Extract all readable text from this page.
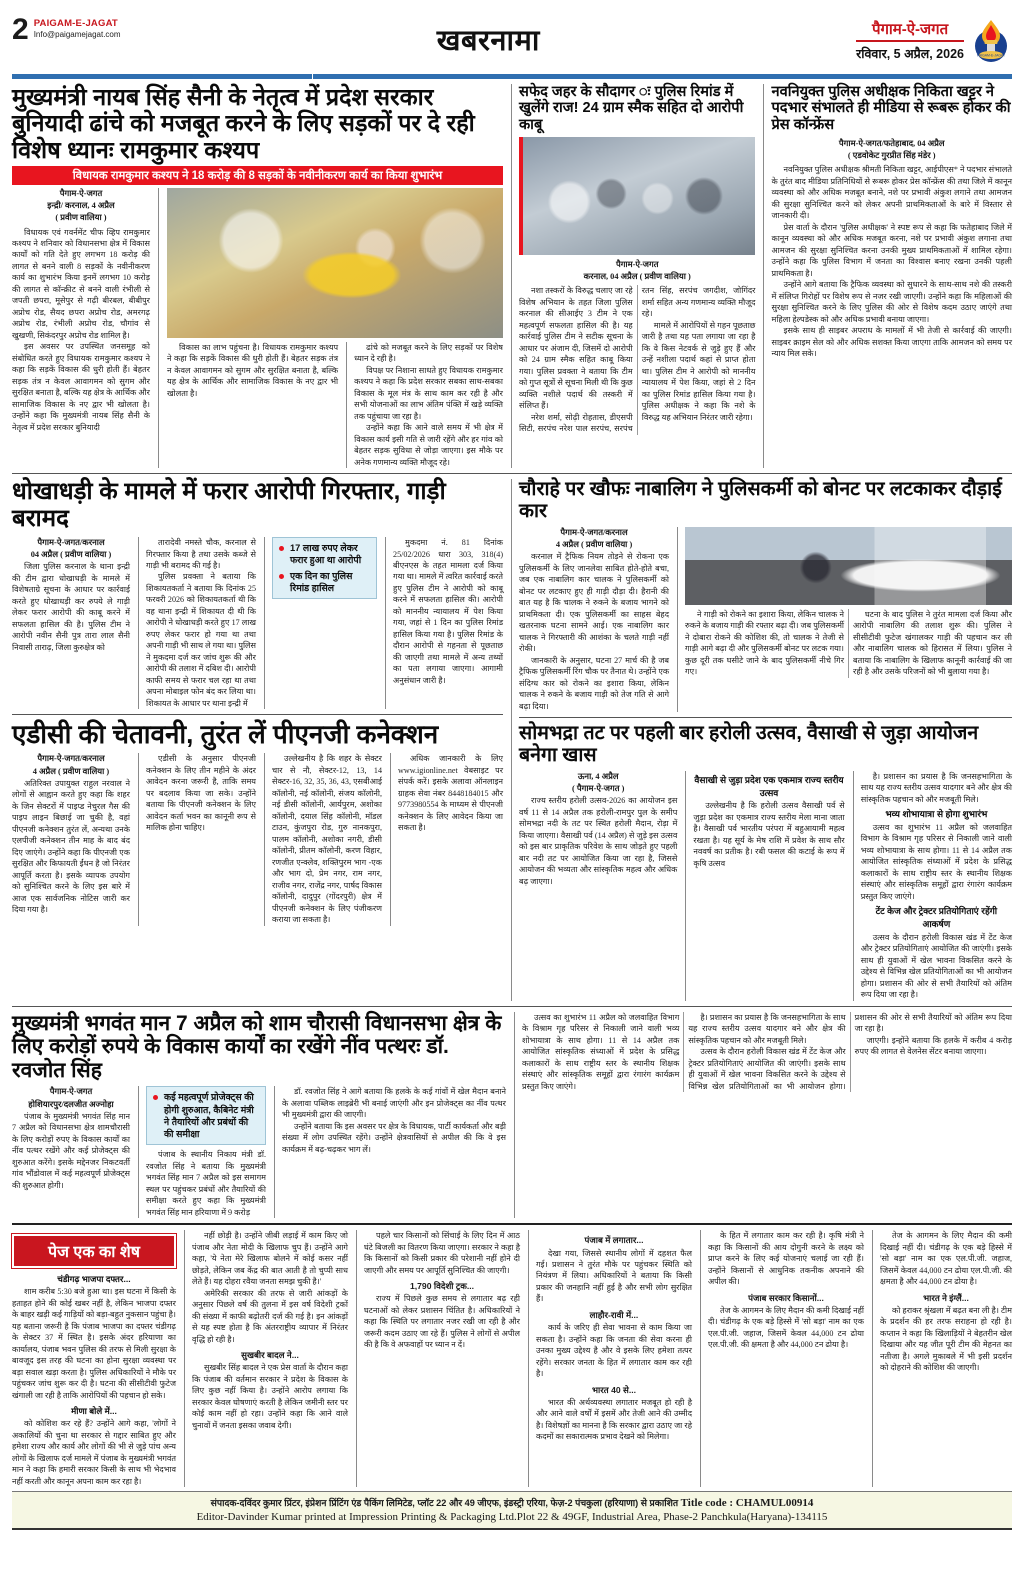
2 PAIGAM-E-JAGAT
Info@paigamejagat.com	खबरनामा	पैगाम-ऐ-जगत
रविवार, 5 अप्रैल, 2026	PAIGAM-E-JAGAT
मुख्यमंत्री नायब सिंह सैनी के नेतृत्व में प्रदेश सरकार बुनियादी ढांचे को मजबूत करने के लिए सड़कों पर दे रही विशेष ध्यानः रामकुमार कश्यप
विधायक रामकुमार कश्यप ने 18 करोड़ की 8 सड़कों के नवीनीकरण कार्य का किया शुभारंभ
पैगाम-ऐ-जगत
इन्द्री/ करनाल, 4 अप्रैल
( प्रवीण वालिया )

विधायक एवं गवर्नमेंट चीफ व्हिप रामकुमार कश्यप ने शनिवार को विधानसभा क्षेत्र में विकास कार्यों को गति देते हुए लगभग 18 करोड़ की लागत से बनने वाली 8 सड़कों के नवीनीकरण कार्य का शुभारंभ किया इनमें लगभग 10 करोड़ की लागत से कॉन्क्रीट से बनने वाली रंभीली से जपती छपरा, मूसेपुर से गढ़ी बीरबल, बीबीपुर अप्रोच रोड, सैयद छपरा अप्रोच रोड, अमरगढ़ अप्रोच रोड, रंभीली अप्रोच रोड, चौगांव से खुखणी, सिकंदरपुर अप्रोच रोड शामिल है।

इस अवसर पर उपस्थित जनसमूह को संबोधित करते हुए विधायक रामकुमार कश्यप ने कहा कि सड़कें विकास की धुरी होती हैं। बेहतर सड़क तंत्र न केवल आवागमन को सुगम और सुरक्षित बनाता है, बल्कि यह क्षेत्र के आर्थिक और सामाजिक विकास के नए द्वार भी खोलता है। उन्होंने कहा कि मुख्यमंत्री नायब सिंह सैनी के नेतृत्व में प्रदेश सरकार बुनियादी

विकास का लाभ पहुंचना है। विधायक रामकुमार कश्यप ने कहा कि सड़कें विकास की धुरी होती हैं। बेहतर सड़क तंत्र न केवल आवागमन को सुगम और सुरक्षित बनाता है, बल्कि यह क्षेत्र के आर्थिक और सामाजिक विकास के नए द्वार भी खोलता है।

ढांचे को मजबूत करने के लिए सड़कों पर विशेष ध्यान दे रही है।

विपक्ष पर निशाना साधते हुए विधायक रामकुमार कश्यप ने कहा कि प्रदेश सरकार सबका साथ-सबका विकास के मूल मंत्र के साथ काम कर रही है और सभी योजनाओं का लाभ अंतिम पंक्ति में खड़े व्यक्ति तक पहुंचाया जा रहा है।

उन्होंने कहा कि आने वाले समय में भी क्षेत्र में विकास कार्य इसी गति से जारी रहेंगे और हर गांव को बेहतर सड़क सुविधा से जोड़ा जाएगा। इस मौके पर अनेक गणमान्य व्यक्ति मौजूद रहे।

सफेद जहर के सौदागर ः पुलिस रिमांड में खुलेंगे राज! 24 ग्राम स्मैक सहित दो आरोपी काबू
पैगाम-ऐ-जगत
करनाल, 04 अप्रैल ( प्रवीण वालिया )

नशा तस्करों के विरुद्ध चलाए जा रहे विशेष अभियान के तहत जिला पुलिस करनाल की सीआईए 3 टीम ने एक महत्वपूर्ण सफलता हासिल की है। यह कार्रवाई पुलिस टीम ने सटीक सूचना के आधार पर अंजाम दी, जिसमें दो आरोपी को 24 ग्राम स्मैक सहित काबू किया गया। पुलिस प्रवक्ता ने बताया कि टीम को गुप्त सूत्रों से सूचना मिली थी कि कुछ व्यक्ति नशीले पदार्थ की तस्करी में संलिप्त हैं।

नरेश शर्मा, सोढ़ी रोहतास, डीएसपी सिटी, सरपंच नरेश पाल सरपंच, सरपंच रतन सिंह, सरपंच जगदीश, जोगिंदर शर्मा सहित अन्य गणमान्य व्यक्ति मौजूद रहे।

मामले में आरोपियों से गहन पूछताछ जारी है तथा यह पता लगाया जा रहा है कि वे किस नेटवर्क से जुड़े हुए हैं और उन्हें नशीला पदार्थ कहां से प्राप्त होता था। पुलिस टीम ने आरोपी को माननीय न्यायालय में पेश किया, जहां से 2 दिन का पुलिस रिमांड हासिल किया गया है। पुलिस अधीक्षक ने कहा कि नशे के विरुद्ध यह अभियान निरंतर जारी रहेगा।

नवनियुक्त पुलिस अधीक्षक निकिता खट्टर ने पदभार संभालते ही मीडिया से रूबरू होकर की प्रेस कॉन्फ्रेंस
पैगाम-ऐ-जगत/फतेहाबाद, 04 अप्रैल
( एडवोकेट गुरप्रीत सिंह मंडेर )

नवनियुक्त पुलिस अधीक्षक श्रीमती निकिता खट्टर, आईपीएस* ने पदभार संभालते के तुरंत बाद मीडिया प्रतिनिधियों से रूबरू होकर प्रेस कॉन्फ्रेंस की तथा जिले में कानून व्यवस्था को और अधिक मजबूत बनाने, नशे पर प्रभावी अंकुश लगाने तथा आमजन की सुरक्षा सुनिश्चित करने को लेकर अपनी प्राथमिकताओं के बारे में विस्तार से जानकारी दी।

प्रेस वार्ता के दौरान 'पुलिस अधीक्षक' ने स्पष्ट रूप से कहा कि फतेहाबाद जिले में कानून व्यवस्था को और अधिक मजबूत करना, नशे पर प्रभावी अंकुश लगाना तथा आमजन की सुरक्षा सुनिश्चित करना उनकी मुख्य प्राथमिकताओं में शामिल रहेगा। उन्होंने कहा कि पुलिस विभाग में जनता का विश्वास बनाए रखना उनकी पहली प्राथमिकता है।

उन्होंने आगे बताया कि ट्रैफिक व्यवस्था को सुधारने के साथ-साथ नशे की तस्करी में संलिप्त गिरोहों पर विशेष रूप से नजर रखी जाएगी। उन्होंने कहा कि महिलाओं की सुरक्षा सुनिश्चित करने के लिए पुलिस की ओर से विशेष कदम उठाए जाएंगे तथा महिला हेल्पडेस्क को और अधिक प्रभावी बनाया जाएगा।

इसके साथ ही साइबर अपराध के मामलों में भी तेजी से कार्रवाई की जाएगी। साइबर क्राइम सेल को और अधिक सशक्त किया जाएगा ताकि आमजन को समय पर न्याय मिल सके।

धोखाधड़ी के मामले में फरार आरोपी गिरफ्तार, गाड़ी बरामद
पैगाम-ऐ-जगत/करनाल
04 अप्रैल ( प्रवीण वालिया )

जिला पुलिस करनाल के थाना इन्द्री की टीम द्वारा धोखाधड़ी के मामले में विशेषताग्रे सूचना के आधार पर कार्रवाई करते हुए धोखाधड़ी कर रुपये ले गाड़ी लेकर फरार आरोपी की काबू करने में सफलता हासिल की है। पुलिस टीम ने आरोपी नवीन सैनी पुत्र तारा लाल सैनी निवासी ताराढ़, जिला कुरुक्षेत्र को

तारादेवी नमस्ते चौक, करनाल से गिरफ्तार किया है तथा उसके कब्जे से गाड़ी भी बरामद की गई है।

पुलिस प्रवक्ता ने बताया कि शिकायतकर्ता ने बताया कि दिनांक 25 फरवरी 2026 को शिकायतकर्ता थी कि वह थाना इन्द्री में शिकायत दी थी कि आरोपी ने धोखाधड़ी करते हुए 17 लाख रुपए लेकर फरार हो गया था तथा अपनी गाड़ी भी साथ ले गया था। पुलिस ने मुकदमा दर्ज कर जांच शुरू की और आरोपी की तलाश में दबिश दी। आरोपी काफी समय से फरार चल रहा था तथा अपना मोबाइल फोन बंद कर लिया था। शिकायत के आधार पर थाना इन्द्री में

17 लाख रुपए लेकर फरार हुआ था आरोपी
एक दिन का पुलिस रिमांड हासिल

मुकदमा नं. 81 दिनांक 25/02/2026 धारा 303, 318(4) बीएनएस के तहत मामला दर्ज किया गया था। मामले में त्वरित कार्रवाई करते हुए पुलिस टीम ने आरोपी को काबू करने में सफलता हासिल की। आरोपी को माननीय न्यायालय में पेश किया गया, जहां से 1 दिन का पुलिस रिमांड हासिल किया गया है। पुलिस रिमांड के दौरान आरोपी से गहनता से पूछताछ की जाएगी तथा मामले में अन्य तथ्यों का पता लगाया जाएगा। आगामी अनुसंधान जारी है।

एडीसी की चेतावनी, तुरंत लें पीएनजी कनेक्शन
पैगाम-ऐ-जगत/करनाल
4 अप्रैल ( प्रवीण वालिया )

अतिरिक्त उपायुक्त राहुल नरवाल ने लोगों से आह्वान करते हुए कहा कि शहर के जिन सेक्टरों में पाइप्ड नेचुरल गैस की पाइप लाइन बिछाई जा चुकी है, वहां पीएनजी कनेक्शन तुरंत लें, अन्यथा उनके एलपीजी कनेक्शन तीन माह के बाद बंद दिए जाएंगे। उन्होंने कहा कि पीएनजी एक सुरक्षित और किफायती ईंधन है जो निरंतर आपूर्ति करता है। इसके व्यापक उपयोग को सुनिश्चित करने के लिए इस बारे में आज एक सार्वजनिक नोटिस जारी कर दिया गया है।

एडीसी के अनुसार पीएनजी कनेक्शन के लिए तीन महीने के अंदर आवेदन करना जरूरी है, ताकि समय पर बदलाव किया जा सके। उन्होंने बताया कि पीएनजी कनेक्शन के लिए आवेदन कर्ता भवन का कानूनी रूप से मालिक होना चाहिए।

उल्लेखनीय है कि शहर के सेक्टर चार से नौ, सेक्टर-12, 13, 14 सेक्टर-16, 32, 35, 36, 43, एसबीआई कॉलोनी, नई कॉलोनी, संजय कॉलोनी, नई डीसी कॉलोनी, आर्यपुरम, अशोका कॉलोनी, दयाल सिंह कॉलोनी, मॉडल टाउन, कुंजपुरा रोड, गुरु नानकपुरा, पालम कॉलोनी, अशोका नगरी, डीसी कॉलोनी, प्रीतम कॉलोनी, करण विहार, रणजीत एन्क्लेव, शक्तिपुरम भाग -एक और भाग दो, प्रेम नगर, राम नगर, राजीव नगर, राजेंद्र नगर, पार्षद विकास कॉलोनी, दादुपुर (गोंदरपुरी) क्षेत्र में पीएनजी कनेक्शन के लिए पंजीकरण कराया जा सकता है।

अधिक जानकारी के लिए www.igionline.net वेबसाइट पर संपर्क करें। इसके अलावा ऑनलाइन ग्राहक सेवा नंबर 8448184015 और 9773980554 के माध्यम से पीएनजी कनेक्शन के लिए आवेदन किया जा सकता है।

चौराहे पर खौफः नाबालिग ने पुलिसकर्मी को बोनट पर लटकाकर दौड़ाई कार
पैगाम-ऐ-जगत/करनाल
4 अप्रैल ( प्रवीण वालिया )

करनाल में ट्रैफिक नियम तोड़ने से रोकना एक पुलिसकर्मी के लिए जानलेवा साबित होते-होते बचा, जब एक नाबालिग कार चालक ने पुलिसकर्मी को बोनट पर लटकाए हुए ही गाड़ी दौड़ा दी। हैरानी की बात यह है कि चालक ने रुकने के बजाय भागने को प्राथमिकता दी। एक पुलिसकर्मी का साहस बेहद खतरनाक घटना सामने आई। एक नाबालिग कार चालक ने गिरफ्तारी की आशंका के चलते गाड़ी नहीं रोकी।

जानकारी के अनुसार, घटना 27 मार्च की है जब ट्रैफिक पुलिसकर्मी रिंग चौक पर तैनात थे। उन्होंने एक संदिग्ध कार को रोकने का इशारा किया, लेकिन चालक ने रुकने के बजाय गाड़ी को तेज गति से आगे बढ़ा दिया।

ने गाड़ी को रोकने का इशारा किया, लेकिन चालक ने रुकने के बजाय गाड़ी की रफ्तार बढ़ा दी। जब पुलिसकर्मी ने दोबारा रोकने की कोशिश की, तो चालक ने तेजी से गाड़ी आगे बढ़ा दी और पुलिसकर्मी बोनट पर लटक गया। कुछ दूरी तक घसीटे जाने के बाद पुलिसकर्मी नीचे गिर गए।

घटना के बाद पुलिस ने तुरंत मामला दर्ज किया और आरोपी नाबालिग की तलाश शुरू की। पुलिस ने सीसीटीवी फुटेज खंगालकर गाड़ी की पहचान कर ली और नाबालिग चालक को हिरासत में लिया। पुलिस ने बताया कि नाबालिग के खिलाफ कानूनी कार्रवाई की जा रही है और उसके परिजनों को भी बुलाया गया है।

सोमभद्रा तट पर पहली बार हरोली उत्सव, वैसाखी से जुड़ा आयोजन बनेगा खास
ऊना, 4 अप्रैल
( पैगाम-ऐ-जगत )

राज्य स्तरीय हरोली उत्सव-2026 का आयोजन इस वर्ष 11 से 14 अप्रैल तक हरोली-रामपुर पुल के समीप सोमभद्रा नदी के तट पर स्थित हरोली मैदान, रोड़ा में किया जाएगा। वैसाखी पर्व (14 अप्रैल) से जुड़े इस उत्सव को इस बार प्राकृतिक परिवेश के साथ जोड़ते हुए पहली बार नदी तट पर आयोजित किया जा रहा है, जिससे आयोजन की भव्यता और सांस्कृतिक महत्व और अधिक बढ़ जाएगा।

वैसाखी से जुड़ा प्रदेश एक एकमात्र राज्य स्तरीय उत्सव

उल्लेखनीय है कि हरोली उत्सव वैसाखी पर्व से जुड़ा प्रदेश का एकमात्र राज्य स्तरीय मेला माना जाता है। वैसाखी पर्व भारतीय परंपरा में बहुआयामी महत्व रखता है। यह सूर्य के मेष राशि में प्रवेश के साथ सौर नववर्ष का प्रतीक है। रबी फसल की कटाई के रूप में कृषि उत्सव

है। प्रशासन का प्रयास है कि जनसहभागिता के साथ यह राज्य स्तरीय उत्सव यादगार बने और क्षेत्र की सांस्कृतिक पहचान को और मजबूती मिले।

भव्य शोभायात्रा से होगा शुभारंभ

उत्सव का शुभारंभ 11 अप्रैल को जलवाहित विभाग के विश्राम गृह परिसर से निकाली जाने वाली भव्य शोभायात्रा के साथ होगा। 11 से 14 अप्रैल तक आयोजित सांस्कृतिक संध्याओं में प्रदेश के प्रसिद्ध कलाकारों के साथ राष्ट्रीय स्तर के स्थानीय शिक्षक संस्थाएं और सांस्कृतिक समूहों द्वारा रंगारंग कार्यक्रम प्रस्तुत किए जाएंगे।

टेंट केज और ट्रेक्टर प्रतियोगिताएं रहेंगी आकर्षण

उत्सव के दौरान हरोली विकास खंड में टेंट केज और ट्रेक्टर प्रतियोगिताएं आयोजित की जाएंगी। इसके साथ ही युवाओं में खेल भावना विकसित करने के उद्देश्य से विभिन्न खेल प्रतियोगिताओं का भी आयोजन होगा। प्रशासन की ओर से सभी तैयारियों को अंतिम रूप दिया जा रहा है।

मुख्यमंत्री भगवंत मान 7 अप्रैल को शाम चौरासी विधानसभा क्षेत्र के लिए करोड़ों रुपये के विकास कार्यों का रखेंगे नींव पत्थरः डॉ. रवजोत सिंह
पैगाम-ऐ-जगत
होशियारपुर/दलजीत अज्नोहा

पंजाब के मुख्यमंत्री भगवंत सिंह मान 7 अप्रैल को विधानसभा क्षेत्र शामचौरासी के लिए करोड़ों रुपए के विकास कार्यों का नींव पत्थर रखेंगे और कई प्रोजेक्ट्स की शुरुआत करेंगे। इसके मद्देनजर निकटवर्ती गांव भौंडोवाल में कई महत्वपूर्ण प्रोजेक्ट्स की शुरुआत होगी।

कई महत्वपूर्ण प्रोजेक्ट्स की होगी शुरुआत, कैबिनेट मंत्री ने तैयारियों और प्रबंधों की की समीक्षा

पंजाब के स्थानीय निकाय मंत्री डॉ. रवजोत सिंह ने बताया कि मुख्यमंत्री भगवंत सिंह मान 7 अप्रैल को इस समागम स्थल पर पहुंचकर प्रबंधों और तैयारियों की समीक्षा करते हुए कहा कि मुख्यमंत्री भगवंत सिंह मान हरियाणा में 9 करोड़

डॉ. रवजोत सिंह ने आगे बताया कि हलके के कई गांवों में खेल मैदान बनाने के अलावा पब्लिक लाइब्रेरी भी बनाई जाएंगी और इन प्रोजेक्ट्स का नींव पत्थर भी मुख्यमंत्री द्वारा की जाएगी।

उन्होंने बताया कि इस अवसर पर क्षेत्र के विधायक, पार्टी कार्यकर्ता और बड़ी संख्या में लोग उपस्थित रहेंगे। उन्होंने क्षेत्रवासियों से अपील की कि वे इस कार्यक्रम में बढ़-चढ़कर भाग लें।

उत्सव का शुभारंभ 11 अप्रैल को जलवाहित विभाग के विश्राम गृह परिसर से निकाली जाने वाली भव्य शोभायात्रा के साथ होगा। 11 से 14 अप्रैल तक आयोजित सांस्कृतिक संध्याओं में प्रदेश के प्रसिद्ध कलाकारों के साथ राष्ट्रीय स्तर के स्थानीय शिक्षक संस्थाएं और सांस्कृतिक समूहों द्वारा रंगारंग कार्यक्रम प्रस्तुत किए जाएंगे।

है। प्रशासन का प्रयास है कि जनसहभागिता के साथ यह राज्य स्तरीय उत्सव यादगार बने और क्षेत्र की सांस्कृतिक पहचान को और मजबूती मिले।

उत्सव के दौरान हरोली विकास खंड में टेंट केज और ट्रेक्टर प्रतियोगिताएं आयोजित की जाएंगी। इसके साथ ही युवाओं में खेल भावना विकसित करने के उद्देश्य से विभिन्न खेल प्रतियोगिताओं का भी आयोजन होगा। प्रशासन की ओर से सभी तैयारियों को अंतिम रूप दिया जा रहा है।

जाएगी। इन्होंने बताया कि हलके में करीब 4 करोड़ रुपए की लागत से वेलनेस सेंटर बनाया जाएगा।

पेज एक का शेष
चंडीगढ़ भाजपा दफ्तर...

शाम करीब 5:30 बजे हुआ था। इस घटना में किसी के हताहत होने की कोई खबर नहीं है, लेकिन भाजपा दफ्तर के बाहर खड़ी कई गाड़ियों को बड़ा-बहुत नुकसान पहुंचा है। यह बताना जरूरी है कि पंजाब भाजपा का दफ्तर चंडीगढ़ के सेक्टर 37 में स्थित है। इसके अंदर हरियाणा का कार्यालय, पंजाब भवन पुलिस की तरफ से मिली सुरक्षा के बावजूद इस तरह की घटना का होना सुरक्षा व्यवस्था पर बड़ा सवाल खड़ा करता है। पुलिस अधिकारियों ने मौके पर पहुंचकर जांच शुरू कर दी है। घटना की सीसीटीवी फुटेज खंगाली जा रही है ताकि आरोपियों की पहचान हो सके।

मीणा बोले में...

को कोशिश कर रहे हैं? उन्होंने आगे कहा, 'लोगों ने अकालियों की चुना था सरकार से गद्दार साबित हुए और हमेशा राज्य और कार्य और लोगों की भी से जुड़े पांच अन्य लोगों के खिलाफ दर्ज मामले में पंजाब के मुख्यमंत्री भगवंत मान ने कहा कि हमारी सरकार किसी के साथ भी भेदभाव नहीं करती और कानून अपना काम कर रहा है।

नहीं छोड़ी है। उन्होंने जीबी लड़ाई में काम किए जो पंजाब और नेता मोदी के खिलाफ चुप हैं। उन्होंने आगे कहा, 'ये नेता मेरे खिलाफ बोलने में कोई कसर नहीं छोड़ते, लेकिन जब केंद्र की बात आती है तो चुप्पी साध लेते हैं। यह दोहरा रवैया जनता समझ चुकी है।'

अमेरिकी सरकार की तरफ से जारी आंकड़ों के अनुसार पिछले वर्ष की तुलना में इस वर्ष विदेशी ट्रकों की संख्या में काफी बढ़ोतरी दर्ज की गई है। इन आंकड़ों से यह स्पष्ट होता है कि अंतरराष्ट्रीय व्यापार में निरंतर वृद्धि हो रही है।

सुखबीर बादल ने...

सुखबीर सिंह बादल ने एक प्रेस वार्ता के दौरान कहा कि पंजाब की वर्तमान सरकार ने प्रदेश के विकास के लिए कुछ नहीं किया है। उन्होंने आरोप लगाया कि सरकार केवल घोषणाएं करती है लेकिन जमीनी स्तर पर कोई काम नहीं हो रहा। उन्होंने कहा कि आने वाले चुनावों में जनता इसका जवाब देगी।

पहले चार किसानों को सिंचाई के लिए दिन में आठ घंटे बिजली का वितरण किया जाएगा। सरकार ने कहा है कि किसानों को किसी प्रकार की परेशानी नहीं होने दी जाएगी और समय पर आपूर्ति सुनिश्चित की जाएगी।

1,790 विदेशी ट्रक...

राज्य में पिछले कुछ समय से लगातार बढ़ रही घटनाओं को लेकर प्रशासन चिंतित है। अधिकारियों ने कहा कि स्थिति पर लगातार नजर रखी जा रही है और जरूरी कदम उठाए जा रहे हैं। पुलिस ने लोगों से अपील की है कि वे अफवाहों पर ध्यान न दें।

पंजाब में लगातार...

देखा गया, जिससे स्थानीय लोगों में दहशत फैल गई। प्रशासन ने तुरंत मौके पर पहुंचकर स्थिति को नियंत्रण में लिया। अधिकारियों ने बताया कि किसी प्रकार की जनहानि नहीं हुई है और सभी लोग सुरक्षित हैं।

लाहौर-रावी में...

कार्य के जरिए ही सेवा भावना से काम किया जा सकता है। उन्होंने कहा कि जनता की सेवा करना ही उनका मुख्य उद्देश्य है और वे इसके लिए हमेशा तत्पर रहेंगे। सरकार जनता के हित में लगातार काम कर रही है।

भारत 40 से...

भारत की अर्थव्यवस्था लगातार मजबूत हो रही है और आने वाले वर्षों में इसमें और तेजी आने की उम्मीद है। विशेषज्ञों का मानना है कि सरकार द्वारा उठाए जा रहे कदमों का सकारात्मक प्रभाव देखने को मिलेगा।

के हित में लगातार काम कर रही है। कृषि मंत्री ने कहा कि किसानों की आय दोगुनी करने के लक्ष्य को प्राप्त करने के लिए कई योजनाएं चलाई जा रही हैं। उन्होंने किसानों से आधुनिक तकनीक अपनाने की अपील की।

पंजाब सरकार किसानों...

तेज के आगमन के लिए मैदान की कमी दिखाई नहीं दी। चंडीगढ़ के एक बड़े हिस्से में 'सो बड़ा' नाम का एक एल.पी.जी. जहाज, जिसमें केवल 44,000 टन ढोया एल.पी.जी. की क्षमता है और 44,000 टन ढोया है।

तेज के आगमन के लिए मैदान की कमी दिखाई नहीं दी। चंडीगढ़ के एक बड़े हिस्से में 'सो बड़ा' नाम का एक एल.पी.जी. जहाज, जिसमें केवल 44,000 टन ढोया एल.पी.जी. की क्षमता है और 44,000 टन ढोया है।

भारत ने इंग्लैं...

को हराकर श्रृंखला में बढ़त बना ली है। टीम के प्रदर्शन की हर तरफ सराहना हो रही है। कप्तान ने कहा कि खिलाड़ियों ने बेहतरीन खेल दिखाया और यह जीत पूरी टीम की मेहनत का नतीजा है। अगले मुकाबले में भी इसी प्रदर्शन को दोहराने की कोशिश की जाएगी।

संपादक-दविंदर कुमार प्रिंटर, इंप्रेशन प्रिंटिंग एंड पैकिंग लिमिटेड, प्लॉट 22 और 49 जीएफ, इंडस्ट्री एरिया, फेज़-2 पंचकुला (हरियाणा) से प्रकाशित Title code : CHAMUL00914
Editor-Davinder Kumar printed at Impression Printing & Packaging Ltd.Plot 22 & 49GF, Industrial Area, Phase-2 Panchkula(Haryana)-134115
